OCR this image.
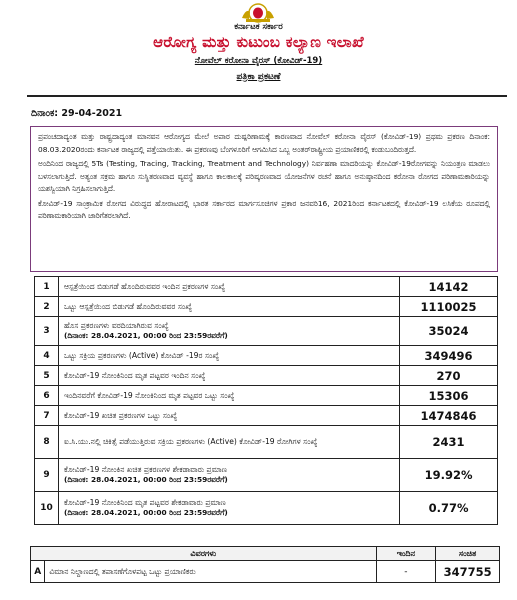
ಕರ್ನಾಟಕ ಸರ್ಕಾರ
ಆರೋಗ್ಯ ಮತ್ತು ಕುಟುಂಬ ಕಲ್ಯಾಣ ಇಲಾಖೆ
ನೋವೆಲ್ ಕರೋನಾ ವೈರಸ್ (ಕೋವಿಡ್-19)
ಪತ್ರಿಕಾ ಪ್ರಕಟಣೆ
ದಿನಾಂಕ: 29-04-2021

ಪ್ರಪಂಚದಾದ್ಯಂತ ಮತ್ತು ರಾಷ್ಟ್ರದಾದ್ಯಂತ ಮಾನವನ ಆರೋಗ್ಯದ ಮೇಲೆ ಅಪಾರ ದುಷ್ಪರಿಣಾಮಕ್ಕೆ ಕಾರಣವಾದ ನೋವೆಲ್ ಕರೋನಾ ವೈರಸ್ (ಕೋವಿಡ್-19) ಪ್ರಥಮ ಪ್ರಕರಣ ದಿನಾಂಕ: 08.03.2020ರಂದು ಕರ್ನಾಟಕ ರಾಜ್ಯದಲ್ಲಿ ಪತ್ತೆಯಾಯಿತು. ಈ ಪ್ರಕರಣವು ಬೆಂಗಳೂರಿಗೆ ಆಗಮಿಸಿದ ಒಬ್ಬ ಅಂತರ್‌ರಾಷ್ಟ್ರೀಯ ಪ್ರಯಾಣಿಕರಲ್ಲಿ ಕಂಡುಬಂದಿರುತ್ತದೆ.

ಅಂದಿನಿಂದ ರಾಜ್ಯದಲ್ಲಿ 5Ts (Testing, Tracing, Tracking, Treatment and Technology) ನಿರ್ವಹಣಾ ಮಾದರಿಯನ್ನು ಕೋವಿಡ್-19ರೋಗವನ್ನು ನಿಯಂತ್ರಣ ಮಾಡಲು ಬಳಸಲಾಗುತ್ತಿದೆ. ಅತ್ಯಂತ ಸಕ್ರಮ ಹಾಗೂ ಸುಸ್ಥಿತರಣವಾದ ವ್ಯವಸ್ಥೆ ಹಾಗೂ ಕಾಲಕಾಲಕ್ಕೆ ಪರಿಷ್ಕರಣವಾದ ಯೋಜನೆಗಳ ರಚನೆ ಹಾಗೂ ಅನುಷ್ಠಾನದಿಂದ ಕರೋನಾ ರೋಗದ ಪರಿಣಾಮಕಾರಿಯನ್ನು ಯಶಸ್ವಿಯಾಗಿ ನಿಗ್ರಹಿಸಲಾಗುತ್ತಿದೆ.

ಕೋವಿಡ್-19 ಸಾಂಕ್ರಾಮಿಕ ರೋಗದ ವಿರುದ್ಧದ ಹೋರಾಟದಲ್ಲಿ ಭಾರತ ಸರ್ಕಾರದ ಮಾರ್ಗಸೂಚಿಗಳ ಪ್ರಕಾರ ಜನವರಿ16, 2021ರಿಂದ ಕರ್ನಾಟಕದಲ್ಲಿ ಕೋವಿಡ್-19 ಲಸಿಕೆಯ ರೂಪದಲ್ಲಿ ಪರಿಣಾಮಕಾರಿಯಾಗಿ ಜಾರಿಗೆತರಲಾಗಿದೆ.

1	ಆಸ್ಪತ್ರೆಯಿಂದ ಬಿಡುಗಡೆ ಹೊಂದಿರುವವರ ಇಂದಿನ ಪ್ರಕರಣಗಳ ಸಂಖ್ಯೆ	14142
2	ಒಟ್ಟು ಆಸ್ಪತ್ರೆಯಿಂದ ಬಿಡುಗಡೆ ಹೊಂದಿರುವವರ ಸಂಖ್ಯೆ	1110025
3	ಹೊಸ ಪ್ರಕರಣಗಳು ವರದಿಯಾಗಿರುವ ಸಂಖ್ಯೆ
(ದಿನಾಂಕ: 28.04.2021, 00:00 ರಿಂದ 23:59ರವರೆಗೆ)	35024
4	ಒಟ್ಟು ಸಕ್ರಿಯ ಪ್ರಕರಣಗಳು (Active) ಕೋವಿಡ್ -19ರ ಸಂಖ್ಯೆ	349496
5	ಕೋವಿಡ್-19 ನೋಂಕಿನಿಂದ ಮೃತ ಪಟ್ಟವರ ಇಂದಿನ ಸಂಖ್ಯೆ	270
6	ಇಂದಿನವರೆಗೆ ಕೋವಿಡ್-19 ನೋಂಕಿನಿಂದ ಮೃತ ಪಟ್ಟವರ ಒಟ್ಟು ಸಂಖ್ಯೆ	15306
7	ಕೋವಿಡ್-19 ಖಚಿತ ಪ್ರಕರಣಗಳ ಒಟ್ಟು ಸಂಖ್ಯೆ	1474846
8	ಐ.ಸಿ.ಯು.ನಲ್ಲಿ ಚಿಕಿತ್ಸೆ ಪಡೆಯುತ್ತಿರುವ ಸಕ್ರಿಯ ಪ್ರಕರಣಗಳು (Active) ಕೋವಿಡ್-19 ರೋಗಿಗಳ ಸಂಖ್ಯೆ	2431
9	ಕೋವಿಡ್-19 ನೋಂಕಿನ ಖಚಿತ ಪ್ರಕರಣಗಳ ಶೇಕಡಾವಾರು ಪ್ರಮಾಣ
(ದಿನಾಂಕ: 28.04.2021, 00:00 ರಿಂದ 23:59ರವರೆಗೆ)	19.92%
10	ಕೋವಿಡ್-19 ನೋಂಕಿನಿಂದ ಮೃತ ಪಟ್ಟವರ ಶೇಕಡಾವಾರು ಪ್ರಮಾಣ
(ದಿನಾಂಕ: 28.04.2021, 00:00 ರಿಂದ 23:59ರವರೆಗೆ)	0.77%
ವಿವರಗಳು		ಇಂದಿನ	ಸಂಚಿತ
A	ವಿಮಾನ ನಿಲ್ದಾಣದಲ್ಲಿ ತಪಾಸಣೆಗೊಳಪಟ್ಟ ಒಟ್ಟು ಪ್ರಯಾಣಿಕರು	-	347755
